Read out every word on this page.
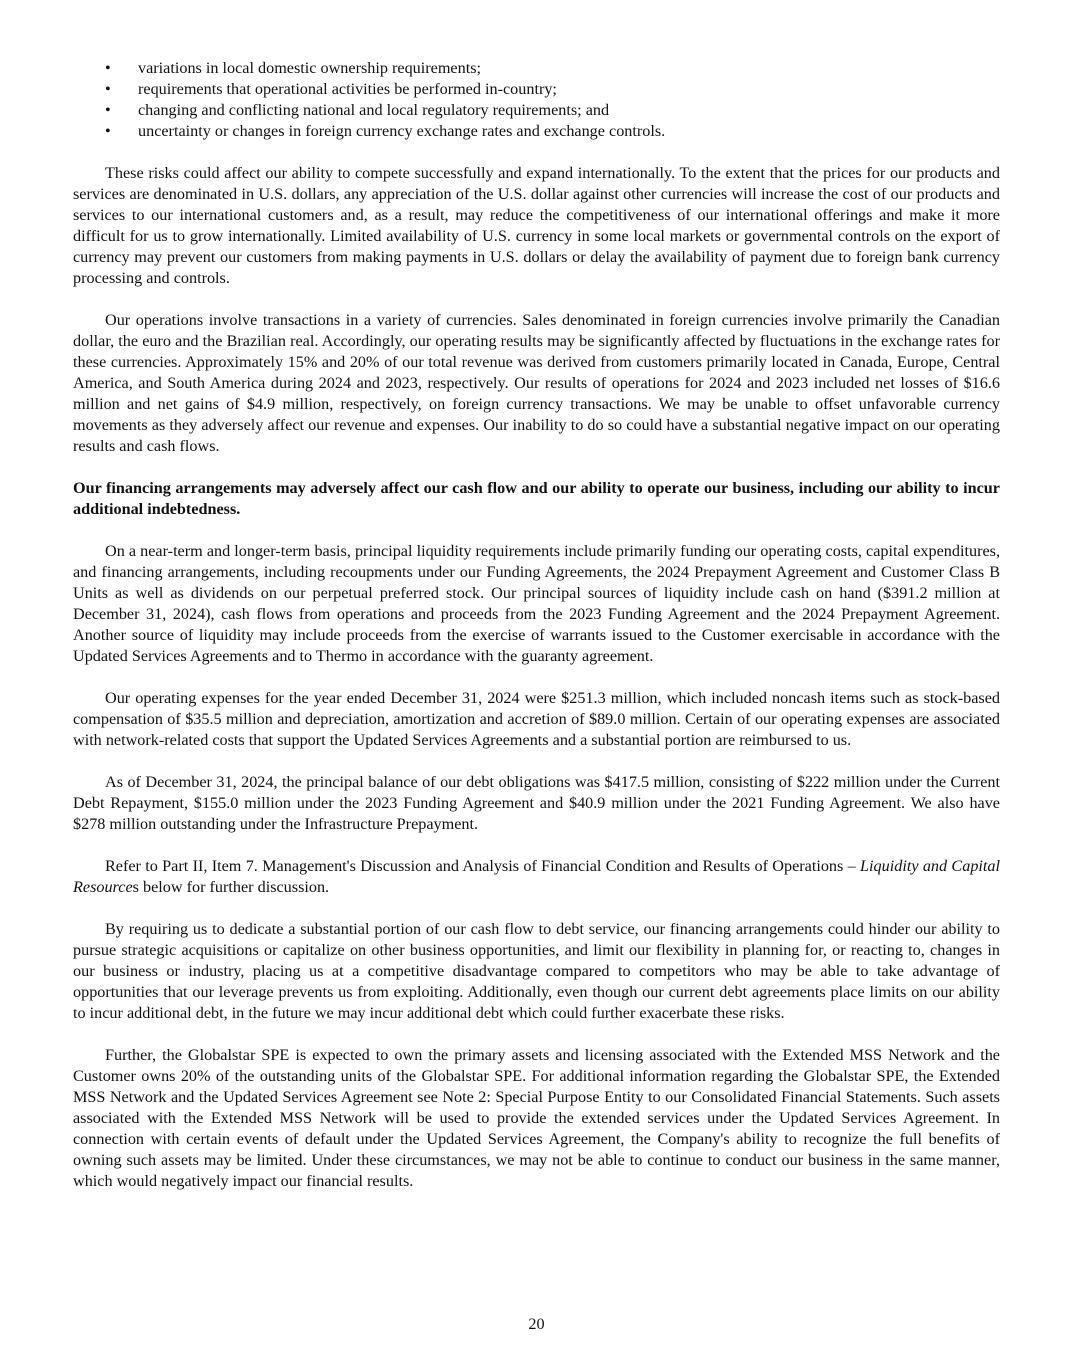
• variations in local domestic ownership requirements;
• requirements that operational activities be performed in-country;
• changing and conflicting national and local regulatory requirements; and
• uncertainty or changes in foreign currency exchange rates and exchange controls.

These risks could affect our ability to compete successfully and expand internationally. To the extent that the prices for our products and services are denominated in U.S. dollars, any appreciation of the U.S. dollar against other currencies will increase the cost of our products and services to our international customers and, as a result, may reduce the competitiveness of our international offerings and make it more difficult for us to grow internationally. Limited availability of U.S. currency in some local markets or governmental controls on the export of currency may prevent our customers from making payments in U.S. dollars or delay the availability of payment due to foreign bank currency processing and controls.

Our operations involve transactions in a variety of currencies. Sales denominated in foreign currencies involve primarily the Canadian dollar, the euro and the Brazilian real. Accordingly, our operating results may be significantly affected by fluctuations in the exchange rates for these currencies. Approximately 15% and 20% of our total revenue was derived from customers primarily located in Canada, Europe, Central America, and South America during 2024 and 2023, respectively. Our results of operations for 2024 and 2023 included net losses of $16.6 million and net gains of $4.9 million, respectively, on foreign currency transactions. We may be unable to offset unfavorable currency movements as they adversely affect our revenue and expenses. Our inability to do so could have a substantial negative impact on our operating results and cash flows.

Our financing arrangements may adversely affect our cash flow and our ability to operate our business, including our ability to incur additional indebtedness.

On a near-term and longer-term basis, principal liquidity requirements include primarily funding our operating costs, capital expenditures, and financing arrangements, including recoupments under our Funding Agreements, the 2024 Prepayment Agreement and Customer Class B Units as well as dividends on our perpetual preferred stock. Our principal sources of liquidity include cash on hand ($391.2 million at December 31, 2024), cash flows from operations and proceeds from the 2023 Funding Agreement and the 2024 Prepayment Agreement. Another source of liquidity may include proceeds from the exercise of warrants issued to the Customer exercisable in accordance with the Updated Services Agreements and to Thermo in accordance with the guaranty agreement.

Our operating expenses for the year ended December 31, 2024 were $251.3 million, which included noncash items such as stock-based compensation of $35.5 million and depreciation, amortization and accretion of $89.0 million. Certain of our operating expenses are associated with network-related costs that support the Updated Services Agreements and a substantial portion are reimbursed to us.

As of December 31, 2024, the principal balance of our debt obligations was $417.5 million, consisting of $222 million under the Current Debt Repayment, $155.0 million under the 2023 Funding Agreement and $40.9 million under the 2021 Funding Agreement. We also have $278 million outstanding under the Infrastructure Prepayment.

Refer to Part II, Item 7. Management's Discussion and Analysis of Financial Condition and Results of Operations – Liquidity and Capital Resources below for further discussion.

By requiring us to dedicate a substantial portion of our cash flow to debt service, our financing arrangements could hinder our ability to pursue strategic acquisitions or capitalize on other business opportunities, and limit our flexibility in planning for, or reacting to, changes in our business or industry, placing us at a competitive disadvantage compared to competitors who may be able to take advantage of opportunities that our leverage prevents us from exploiting. Additionally, even though our current debt agreements place limits on our ability to incur additional debt, in the future we may incur additional debt which could further exacerbate these risks.

Further, the Globalstar SPE is expected to own the primary assets and licensing associated with the Extended MSS Network and the Customer owns 20% of the outstanding units of the Globalstar SPE. For additional information regarding the Globalstar SPE, the Extended MSS Network and the Updated Services Agreement see Note 2: Special Purpose Entity to our Consolidated Financial Statements. Such assets associated with the Extended MSS Network will be used to provide the extended services under the Updated Services Agreement. In connection with certain events of default under the Updated Services Agreement, the Company's ability to recognize the full benefits of owning such assets may be limited. Under these circumstances, we may not be able to continue to conduct our business in the same manner, which would negatively impact our financial results.

20
